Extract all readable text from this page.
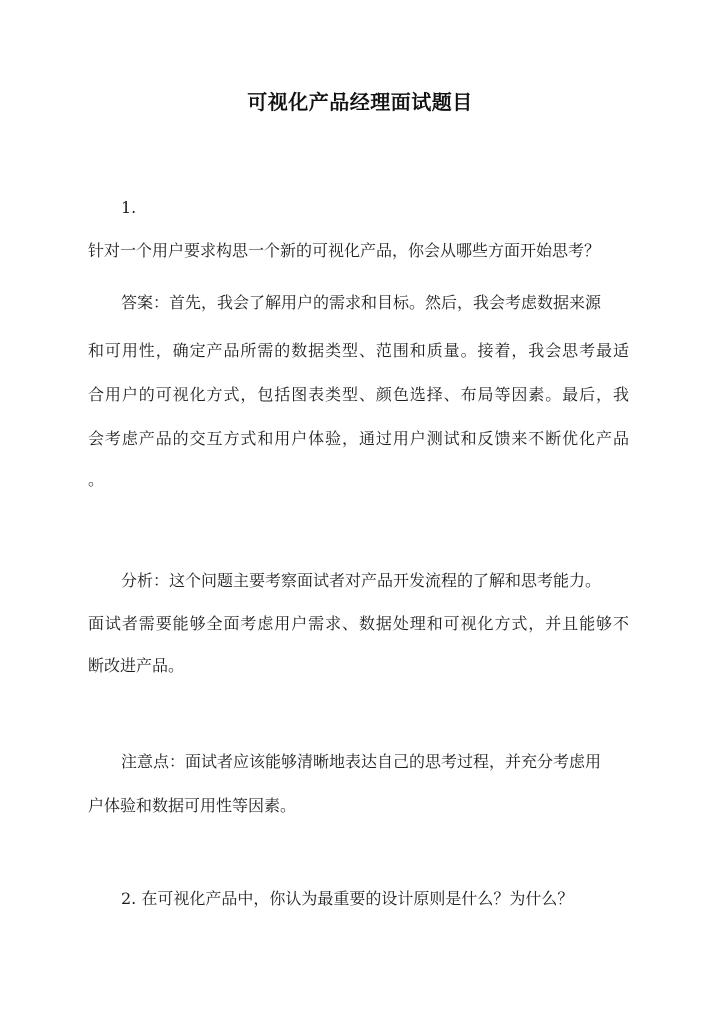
可视化产品经理面试题目
1.
针对一个用户要求构思一个新的可视化产品，你会从哪些方面开始思考？
答案：首先，我会了解用户的需求和目标。然后，我会考虑数据来源
和可用性，确定产品所需的数据类型、范围和质量。接着，我会思考最适
合用户的可视化方式，包括图表类型、颜色选择、布局等因素。最后，我
会考虑产品的交互方式和用户体验，通过用户测试和反馈来不断优化产品
。
分析：这个问题主要考察面试者对产品开发流程的了解和思考能力。
面试者需要能够全面考虑用户需求、数据处理和可视化方式，并且能够不
断改进产品。
注意点：面试者应该能够清晰地表达自己的思考过程，并充分考虑用
户体验和数据可用性等因素。
2. 在可视化产品中，你认为最重要的设计原则是什么？为什么？
